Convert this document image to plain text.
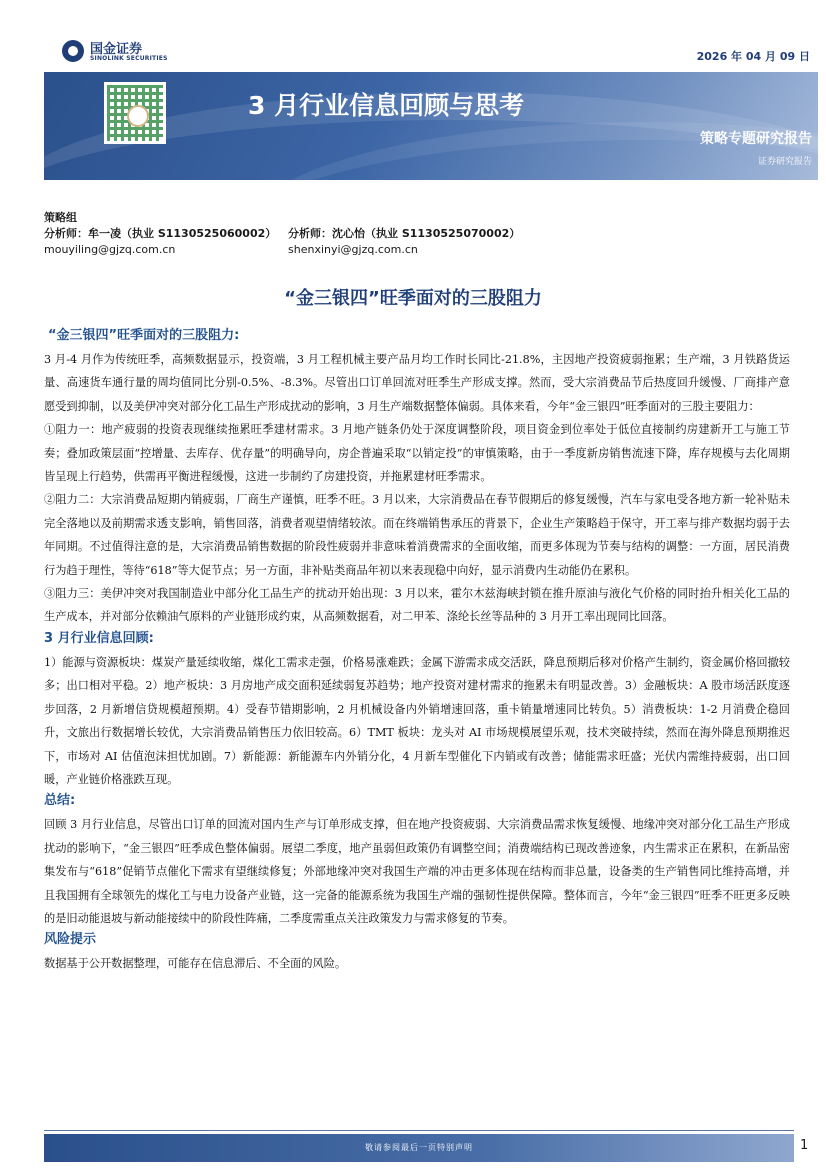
国金证券
SINOLINK SECURITIES	2026 年 04 月 09 日
3 月行业信息回顾与思考
策略专题研究报告
证券研究报告
策略组
分析师：牟一凌（执业 S1130525060002）	分析师：沈心怡（执业 S1130525070002）
mouyiling@gjzq.com.cn	shenxinyi@gjzq.com.cn
“金三银四”旺季面对的三股阻力
“金三银四”旺季面对的三股阻力:

3 月-4 月作为传统旺季，高频数据显示，投资端，3 月工程机械主要产品月均工作时长同比-21.8%，主因地产投资疲弱拖累；生产端，3 月铁路货运量、高速货车通行量的周均值同比分别-0.5%、-8.3%。尽管出口订单回流对旺季生产形成支撑。然而，受大宗消费品节后热度回升缓慢、厂商排产意愿受到抑制，以及美伊冲突对部分化工品生产形成扰动的影响，3 月生产端数据整体偏弱。具体来看，今年“金三银四”旺季面对的三股主要阻力：

①阻力一：地产疲弱的投资表现继续拖累旺季建材需求。3 月地产链条仍处于深度调整阶段，项目资金到位率处于低位直接制约房建新开工与施工节奏；叠加政策层面“控增量、去库存、优存量”的明确导向，房企普遍采取“以销定投”的审慎策略，由于一季度新房销售流速下降，库存规模与去化周期皆呈现上行趋势，供需再平衡进程缓慢，这进一步制约了房建投资，并拖累建材旺季需求。

②阻力二：大宗消费品短期内销疲弱，厂商生产谨慎，旺季不旺。3 月以来，大宗消费品在春节假期后的修复缓慢，汽车与家电受各地方新一轮补贴未完全落地以及前期需求透支影响，销售回落，消费者观望情绪较浓。而在终端销售承压的背景下，企业生产策略趋于保守，开工率与排产数据均弱于去年同期。不过值得注意的是，大宗消费品销售数据的阶段性疲弱并非意味着消费需求的全面收缩，而更多体现为节奏与结构的调整：一方面，居民消费行为趋于理性，等待“618”等大促节点；另一方面，非补贴类商品年初以来表现稳中向好，显示消费内生动能仍在累积。

③阻力三：美伊冲突对我国制造业中部分化工品生产的扰动开始出现：3 月以来，霍尔木兹海峡封锁在推升原油与液化气价格的同时抬升相关化工品的生产成本，并对部分依赖油气原料的产业链形成约束，从高频数据看，对二甲苯、涤纶长丝等品种的 3 月开工率出现同比回落。

3 月行业信息回顾:

1）能源与资源板块：煤炭产量延续收缩，煤化工需求走强，价格易涨难跌；金属下游需求成交活跃，降息预期后移对价格产生制约，资金属价格回撤较多；出口相对平稳。2）地产板块：3 月房地产成交面积延续弱复苏趋势；地产投资对建材需求的拖累未有明显改善。3）金融板块：A 股市场活跃度逐步回落，2 月新增信贷规模超预期。4）受春节错期影响，2 月机械设备内外销增速回落，重卡销量增速同比转负。5）消费板块：1-2 月消费企稳回升，文旅出行数据增长较优，大宗消费品销售压力依旧较高。6）TMT 板块：龙头对 AI 市场规模展望乐观，技术突破持续，然而在海外降息预期推迟下，市场对 AI 估值泡沫担忧加剧。7）新能源：新能源车内外销分化，4 月新车型催化下内销或有改善；储能需求旺盛；光伏内需维持疲弱，出口回暖，产业链价格涨跌互现。

总结:

回顾 3 月行业信息，尽管出口订单的回流对国内生产与订单形成支撑，但在地产投资疲弱、大宗消费品需求恢复缓慢、地缘冲突对部分化工品生产形成扰动的影响下，“金三银四”旺季成色整体偏弱。展望二季度，地产虽弱但政策仍有调整空间；消费端结构已现改善迹象，内生需求正在累积，在新品密集发布与“618”促销节点催化下需求有望继续修复；外部地缘冲突对我国生产端的冲击更多体现在结构而非总量，设备类的生产销售同比维持高增，并且我国拥有全球领先的煤化工与电力设备产业链，这一完备的能源系统为我国生产端的强韧性提供保障。整体而言，今年“金三银四”旺季不旺更多反映的是旧动能退坡与新动能接续中的阶段性阵痛，二季度需重点关注政策发力与需求修复的节奏。

风险提示

数据基于公开数据整理，可能存在信息滞后、不全面的风险。

敬请参阅最后一页特别声明	1
